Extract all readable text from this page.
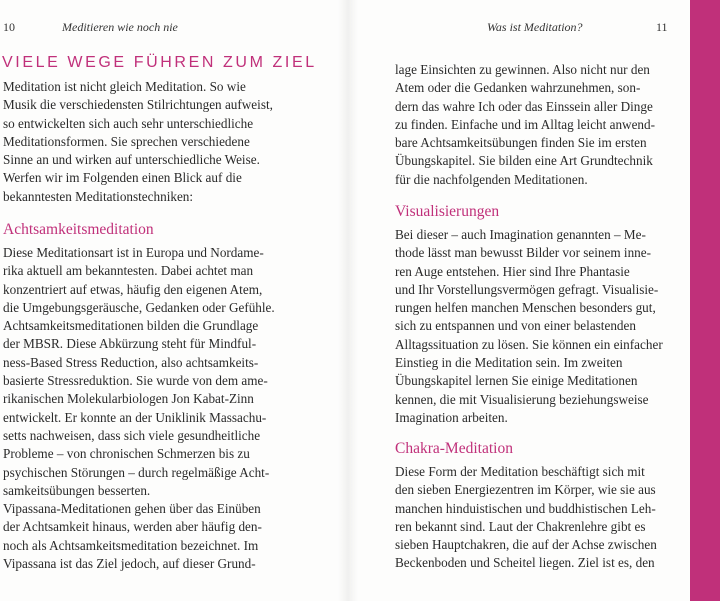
10	Meditieren wie noch nie	Was ist Meditation?	11
VIELE WEGE FÜHREN ZUM ZIEL

Meditation ist nicht gleich Meditation. So wie

Musik die verschiedensten Stilrichtungen aufweist,

so entwickelten sich auch sehr unterschiedliche

Meditationsformen. Sie sprechen verschiedene

Sinne an und wirken auf unterschiedliche Weise.

Werfen wir im Folgenden einen Blick auf die

bekanntesten Meditationstechniken:

Achtsamkeitsmeditation

Diese Meditationsart ist in Europa und Nordame-

rika aktuell am bekanntesten. Dabei achtet man

konzentriert auf etwas, häufig den eigenen Atem,

die Umgebungsgeräusche, Gedanken oder Gefühle.

Achtsamkeitsmeditationen bilden die Grundlage

der MBSR. Diese Abkürzung steht für Mindful-

ness-Based Stress Reduction, also achtsamkeits-

basierte Stressreduktion. Sie wurde von dem ame-

rikanischen Molekularbiologen Jon Kabat-Zinn

entwickelt. Er konnte an der Uniklinik Massachu-

setts nachweisen, dass sich viele gesundheitliche

Probleme – von chronischen Schmerzen bis zu

psychischen Störungen – durch regelmäßige Acht-

samkeitsübungen besserten.

Vipassana-Meditationen gehen über das Einüben

der Achtsamkeit hinaus, werden aber häufig den-

noch als Achtsamkeitsmeditation bezeichnet. Im

Vipassana ist das Ziel jedoch, auf dieser Grund-

lage Einsichten zu gewinnen. Also nicht nur den

Atem oder die Gedanken wahrzunehmen, son-

dern das wahre Ich oder das Einssein aller Dinge

zu finden. Einfache und im Alltag leicht anwend-

bare Achtsamkeitsübungen finden Sie im ersten

Übungskapitel. Sie bilden eine Art Grundtechnik

für die nachfolgenden Meditationen.

Visualisierungen

Bei dieser – auch Imagination genannten – Me-

thode lässt man bewusst Bilder vor seinem inne-

ren Auge entstehen. Hier sind Ihre Phantasie

und Ihr Vorstellungsvermögen gefragt. Visualisie-

rungen helfen manchen Menschen besonders gut,

sich zu entspannen und von einer belastenden

Alltagssituation zu lösen. Sie können ein einfacher

Einstieg in die Meditation sein. Im zweiten

Übungskapitel lernen Sie einige Meditationen

kennen, die mit Visualisierung beziehungsweise

Imagination arbeiten.

Chakra-Meditation

Diese Form der Meditation beschäftigt sich mit

den sieben Energiezentren im Körper, wie sie aus

manchen hinduistischen und buddhistischen Leh-

ren bekannt sind. Laut der Chakrenlehre gibt es

sieben Hauptchakren, die auf der Achse zwischen

Beckenboden und Scheitel liegen. Ziel ist es, den
